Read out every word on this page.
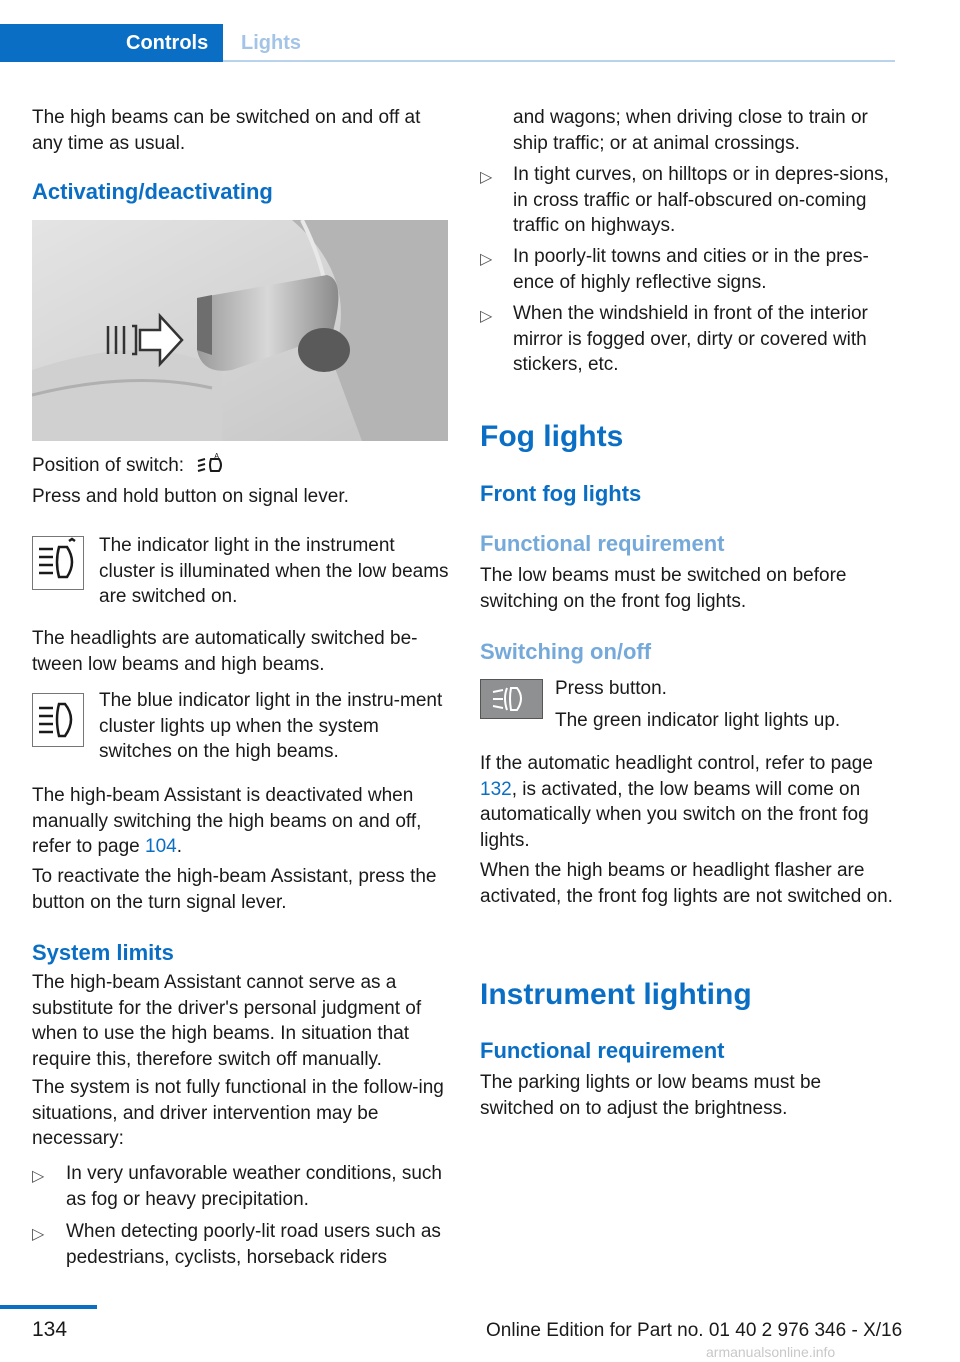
Controls Lights

The high beams can be switched on and off at any time as usual.

Activating/deactivating
Position of switch:	A

Press and hold button on signal lever.

The indicator light in the instrument cluster is illuminated when the low beams are switched on.

The headlights are automatically switched be-tween low beams and high beams.

The blue indicator light in the instru-ment cluster lights up when the system switches on the high beams.

The high-beam Assistant is deactivated when manually switching the high beams on and off, refer to page 104.

To reactivate the high-beam Assistant, press the button on the turn signal lever.

System limits

The high-beam Assistant cannot serve as a substitute for the driver's personal judgment of when to use the high beams. In situation that require this, therefore switch off manually.

The system is not fully functional in the follow-ing situations, and driver intervention may be necessary:

▷ In very unfavorable weather conditions, such as fog or heavy precipitation.

▷ When detecting poorly-lit road users such as pedestrians, cyclists, horseback riders

and wagons; when driving close to train or ship traffic; or at animal crossings.

▷ In tight curves, on hilltops or in depres-sions, in cross traffic or half-obscured on-coming traffic on highways.

▷ In poorly-lit towns and cities or in the pres-ence of highly reflective signs.

▷ When the windshield in front of the interior mirror is fogged over, dirty or covered with stickers, etc.

Fog lights
Front fog lights
Functional requirement

The low beams must be switched on before switching on the front fog lights.

Switching on/off

Press button.

The green indicator light lights up.

If the automatic headlight control, refer to page 132, is activated, the low beams will come on automatically when you switch on the front fog lights.

When the high beams or headlight flasher are activated, the front fog lights are not switched on.

Instrument lighting
Functional requirement

The parking lights or low beams must be switched on to adjust the brightness.

134	Online Edition for Part no. 01 40 2 976 346 - X/16
armanualsonline.info
